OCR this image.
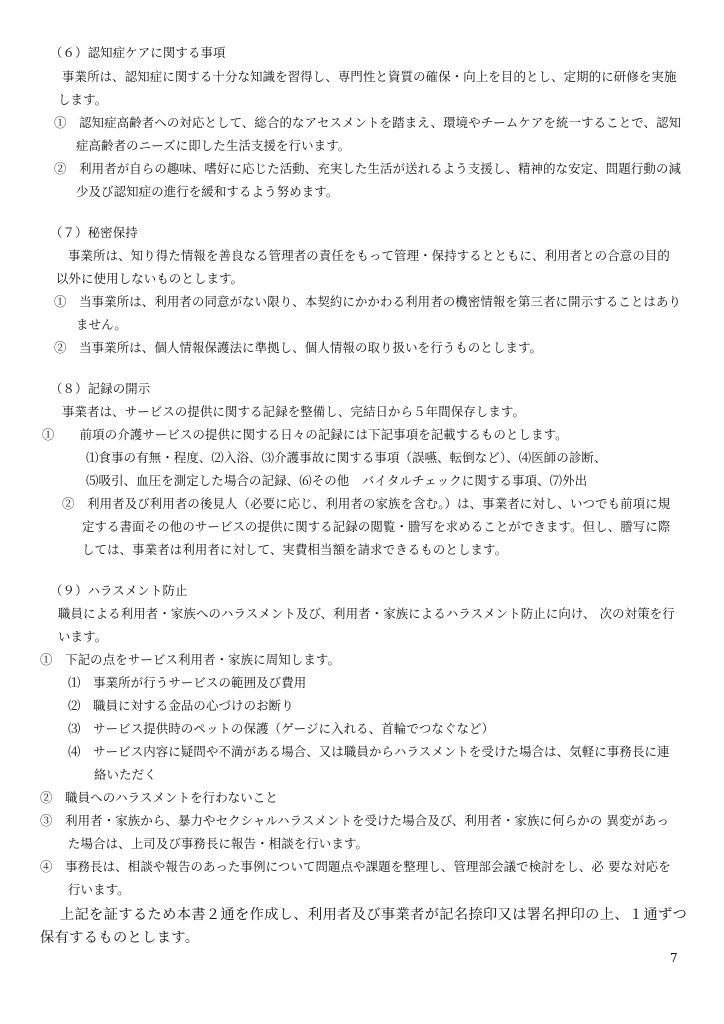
（６）認知症ケアに関する事項
事業所は、認知症に関する十分な知識を習得し、専門性と資質の確保・向上を目的とし、定期的に研修を実施
します。
①　認知症高齢者への対応として、総合的なアセスメントを踏まえ、環境やチームケアを統一することで、認知
症高齢者のニーズに即した生活支援を行います。
②　利用者が自らの趣味、嗜好に応じた活動、充実した生活が送れるよう支援し、精神的な安定、問題行動の減
少及び認知症の進行を緩和するよう努めます。
（７）秘密保持
事業所は、知り得た情報を善良なる管理者の責任をもって管理・保持するとともに、利用者との合意の目的
以外に使用しないものとします。
①　当事業所は、利用者の同意がない限り、本契約にかかわる利用者の機密情報を第三者に開示することはあり
ません。
②　当事業所は、個人情報保護法に準拠し、個人情報の取り扱いを行うものとします。
（８）記録の開示
事業者は、サービスの提供に関する記録を整備し、完結日から５年間保存します。
①　　前項の介護サービスの提供に関する日々の記録には下記事項を記載するものとします。
⑴食事の有無・程度、⑵入浴、⑶介護事故に関する事項（誤嚥、転倒など）、⑷医師の診断、
⑸吸引、血圧を測定した場合の記録、⑹その他　バイタルチェックに関する事項、⑺外出
②　利用者及び利用者の後見人（必要に応じ、利用者の家族を含む。）は、事業者に対し、いつでも前項に規
定する書面その他のサービスの提供に関する記録の閲覧・謄写を求めることができます。但し、謄写に際
しては、事業者は利用者に対して、実費相当額を請求できるものとします。
（９）ハラスメント防止
職員による利用者・家族へのハラスメント及び、利用者・家族によるハラスメント防止に向け、 次の対策を行
います。
①　下記の点をサービス利用者・家族に周知します。
⑴　事業所が行うサービスの範囲及び費用
⑵　職員に対する金品の心づけのお断り
⑶　サービス提供時のペットの保護（ゲージに入れる、首輪でつなぐなど）
⑷　サービス内容に疑問や不満がある場合、又は職員からハラスメントを受けた場合は、気軽に事務長に連
絡いただく
②　職員へのハラスメントを行わないこと
③　利用者・家族から、暴力やセクシャルハラスメントを受けた場合及び、利用者・家族に何らかの 異変があっ
た場合は、上司及び事務長に報告・相談を行います。
④　事務長は、相談や報告のあった事例について問題点や課題を整理し、管理部会議で検討をし、必 要な対応を
行います。
上記を証するため本書２通を作成し、利用者及び事業者が記名捺印又は署名押印の上、１通ずつ
保有するものとします。
7
